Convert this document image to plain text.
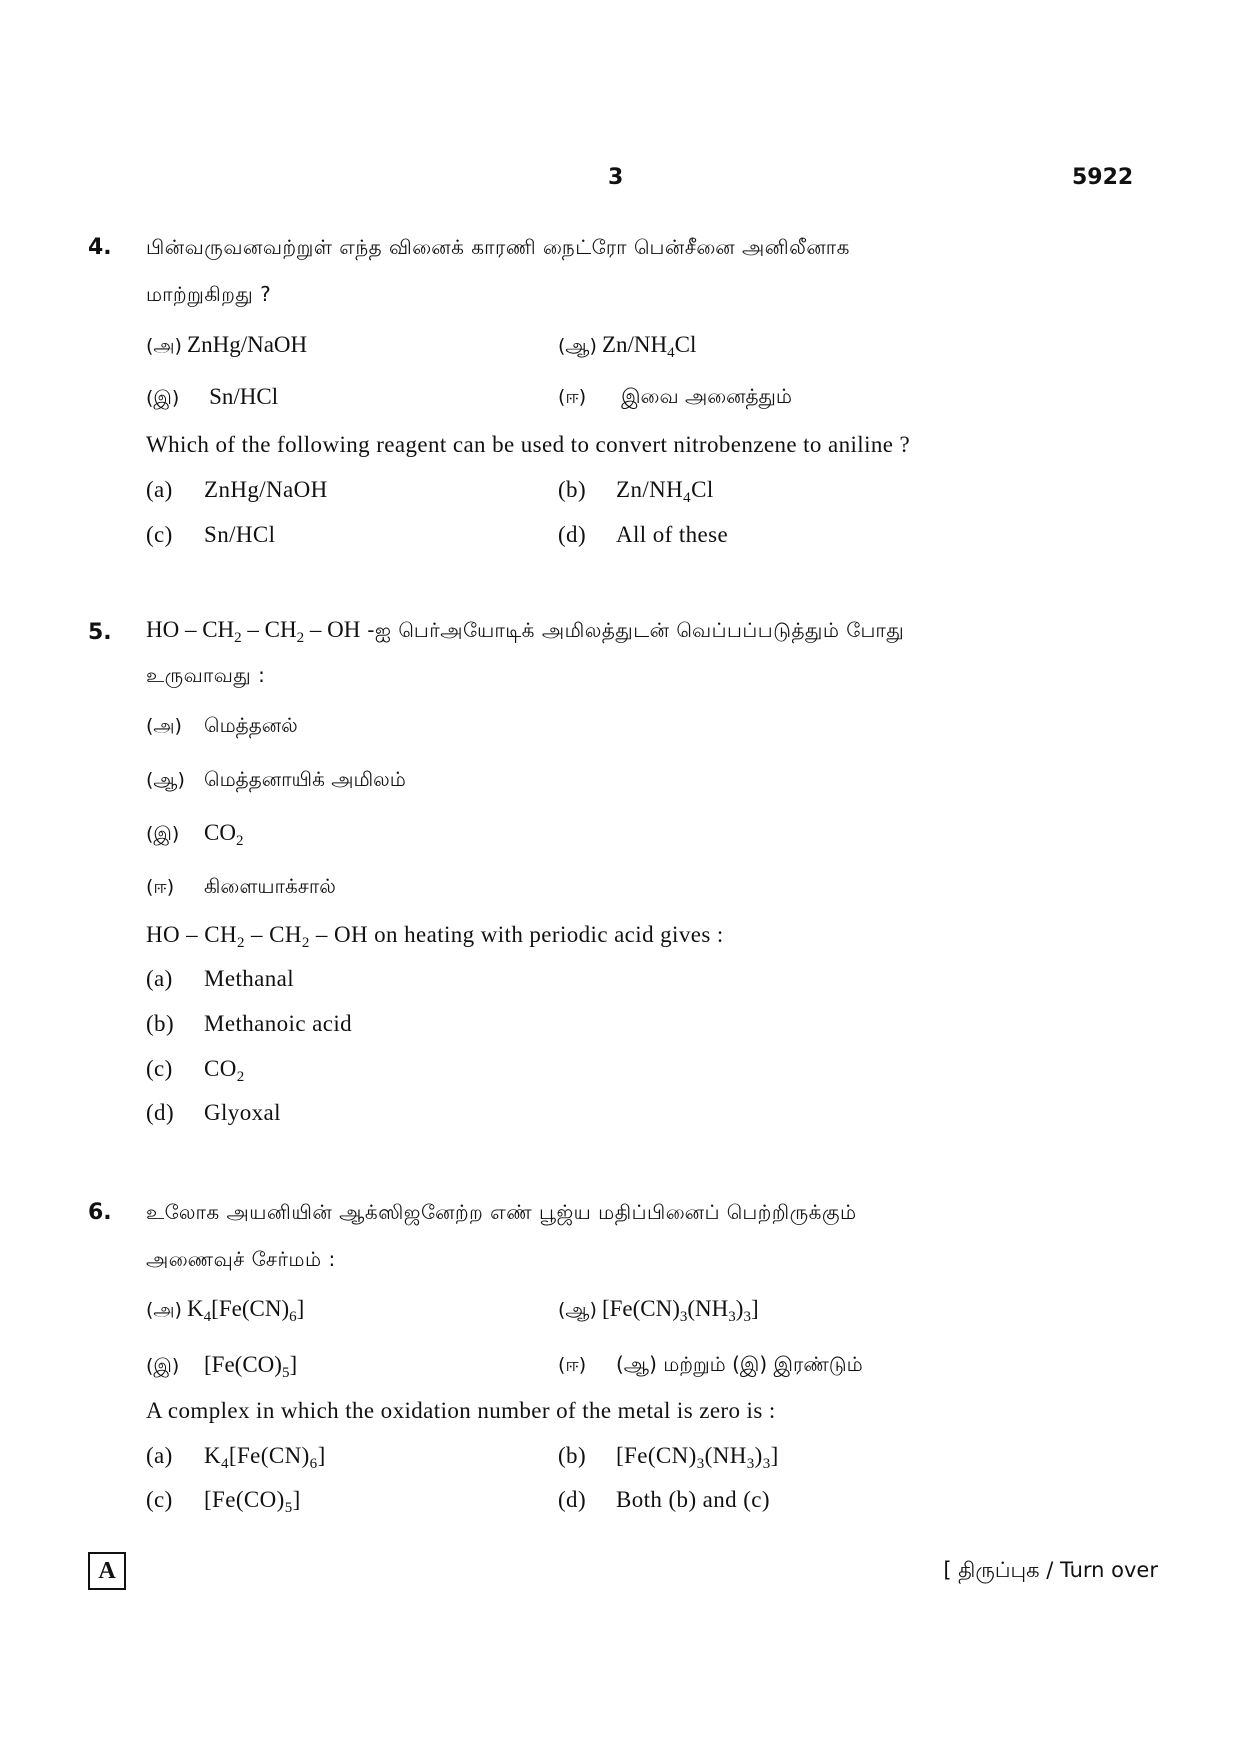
3	5922
4. பின்வருவனவற்றுள் எந்த வினைக் காரணி நைட்ரோ பென்சீனை அனிலீனாக
மாற்றுகிறது ?
(அ) ZnHg/NaOH	(ஆ) $Zn/NH_4Cl$
(இ) Sn/HCl	(ஈ) இவை அனைத்தும்
Which of the following reagent can be used to convert nitrobenzene to aniline ?
(a) ZnHg/NaOH	(b) $Zn/NH_4Cl$
(c) Sn/HCl	(d) All of these
5. HO – $CH_2 - CH_2$ – OH -ஐ பெர்அயோடிக் அமிலத்துடன் வெப்பப்படுத்தும் போது
உருவாவது :
(அ) மெத்தனல்
(ஆ) மெத்தனாயிக் அமிலம்
(இ) $CO_2$
(ஈ) கிளையாக்சால்
HO – $CH_2 - CH_2$ – OH on heating with periodic acid gives :
(a) Methanal
(b) Methanoic acid
(c) $CO_2$
(d) Glyoxal
6. உலோக அயனியின் ஆக்ஸிஜனேற்ற எண் பூஜ்ய மதிப்பினைப் பெற்றிருக்கும்
அணைவுச் சேர்மம் :
(அ) $K_4[Fe(CN)_6]$	(ஆ) $[Fe(CN)_3(NH_3)_3]$
(இ) $[Fe(CO)_5]$	(ஈ) (ஆ) மற்றும் (இ) இரண்டும்
A complex in which the oxidation number of the metal is zero is :
(a) $K_4[Fe(CN)_6]$	(b) $[Fe(CN)_3(NH_3)_3]$
(c) $[Fe(CO)_5]$	(d) Both (b) and (c)
A	[ திருப்புக / Turn over
